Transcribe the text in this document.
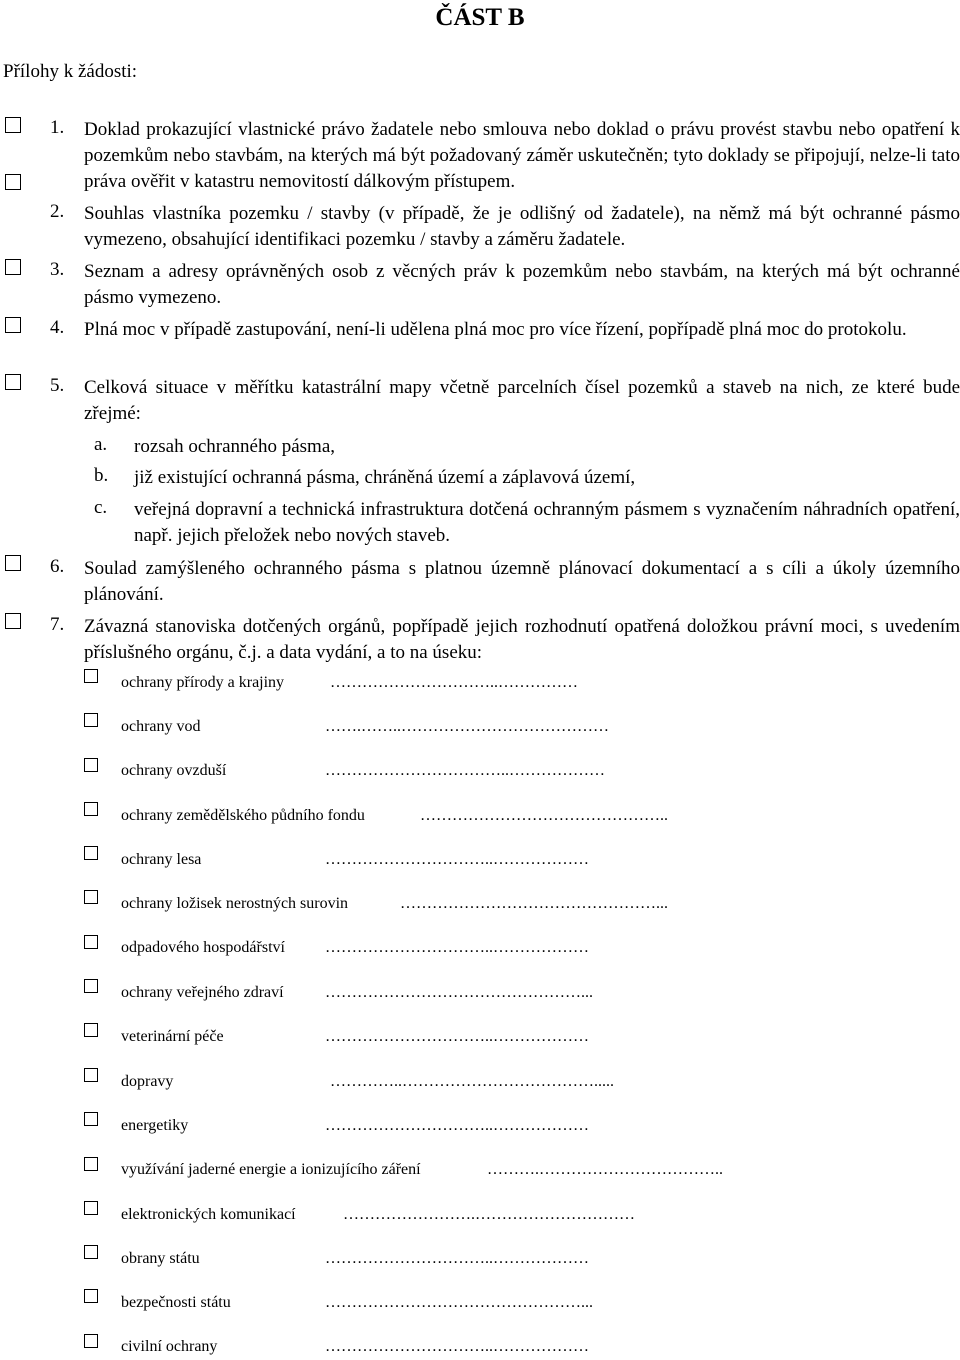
ČÁST B
Přílohy k žádosti:
1. Doklad prokazující vlastnické právo žadatele nebo smlouva nebo doklad o právu provést stavbu nebo opatření k pozemkům nebo stavbám, na kterých má být požadovaný záměr uskutečněn; tyto doklady se připojují, nelze-li tato práva ověřit v katastru nemovitostí dálkovým přístupem.
2. Souhlas vlastníka pozemku / stavby (v případě, že je odlišný od žadatele), na němž má být ochranné pásmo vymezeno, obsahující identifikaci pozemku / stavby a záměru žadatele.
3. Seznam a adresy oprávněných osob z věcných práv k pozemkům nebo stavbám, na kterých má být ochranné pásmo vymezeno.
4. Plná moc v případě zastupování, není-li udělena plná moc pro více řízení, popřípadě plná moc do protokolu.
5. Celková situace v měřítku katastrální mapy včetně parcelních čísel pozemků a staveb na nich, ze které bude zřejmé:
a. rozsah ochranného pásma,
b. již existující ochranná pásma, chráněná území a záplavová území,
c. veřejná dopravní a technická infrastruktura dotčená ochranným pásmem s vyznačením náhradních opatření, např. jejich přeložek nebo nových staveb.
6. Soulad zamýšleného ochranného pásma s platnou územně plánovací dokumentací a s cíli a úkoly územního plánování.
7. Závazná stanoviska dotčených orgánů, popřípadě jejich rozhodnutí opatřená doložkou právní moci, s uvedením příslušného orgánu, č.j. a data vydání, a to na úseku:
ochrany přírody a krajiny	…………………………..……………
ochrany vod	…….……..…………………………………
ochrany ovzduší	……………………………..………………
ochrany zemědělského půdního fondu	………………………………………..
ochrany lesa	…………………………..………………
ochrany ložisek nerostných surovin	…………………………………………...
odpadového hospodářství	…………………………..………………
ochrany veřejného zdraví	…………………………………………...
veterinární péče	…………………………..………………
dopravy	…………..……………………………….....
energetiky	…………………………..………………
využívání jaderné energie a ionizujícího záření	……….……………………………..
elektronických komunikací	…………………….…………………………
obrany státu	…………………………..………………
bezpečnosti státu	…………………………………………...
civilní ochrany	…………………………..………………
